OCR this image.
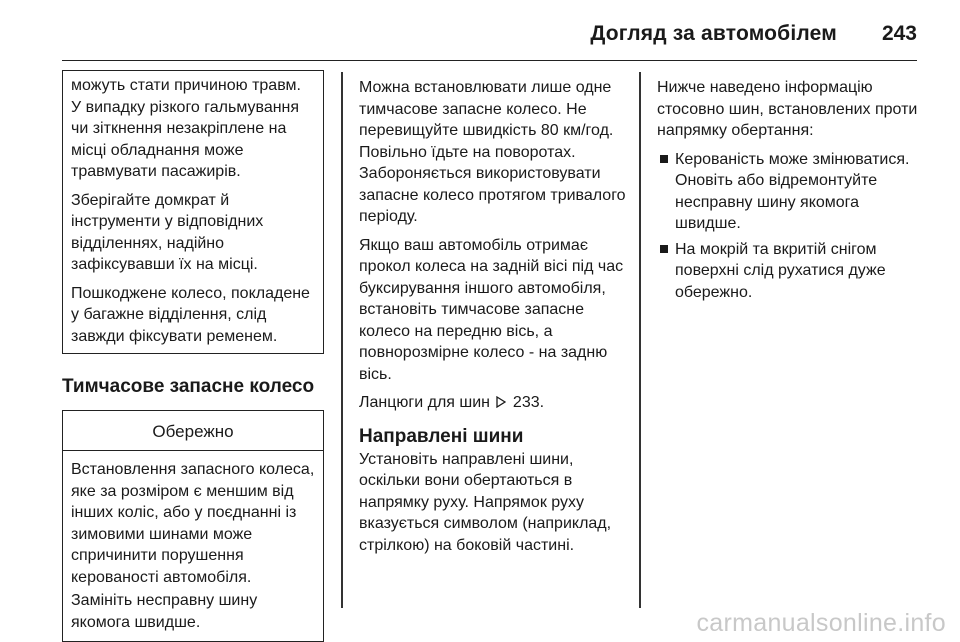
Догляд за автомобілем 243

можуть стати причиною травм. У випадку різкого гальмування чи зіткнення незакріплене на місці обладнання може травмувати пасажирів.

Зберігайте домкрат й інструменти у відповідних відділеннях, надійно зафіксувавши їх на місці.

Пошкоджене колесо, покладене у багажне відділення, слід завжди фіксувати ременем.

Тимчасове запасне колесо
Обережно

Встановлення запасного колеса, яке за розміром є меншим від інших коліс, або у поєднанні із зимовими шинами може спричинити порушення керованості автомобіля.

Замініть несправну шину якомога швидше.

Можна встановлювати лише одне тимчасове запасне колесо. Не перевищуйте швидкість 80 км/год. Повільно їдьте на поворотах. Забороняється використовувати запасне колесо протягом тривалого періоду.

Якщо ваш автомобіль отримає прокол колеса на задній вісі під час буксирування іншого автомобіля, встановіть тимчасове запасне колесо на передню вісь, а повнорозмірне колесо - на задню вісь.

Ланцюги для шин 233.

Направлені шини

Установіть направлені шини, оскільки вони обертаються в напрямку руху. Напрямок руху вказується символом (наприклад, стрілкою) на боковій частині.

Нижче наведено інформацію стосовно шин, встановлених проти напрямку обертання:

Керованість може змінюватися. Оновіть або відремонтуйте несправну шину якомога швидше.
На мокрій та вкритій снігом поверхні слід рухатися дуже обережно.
carmanualsonline.info
